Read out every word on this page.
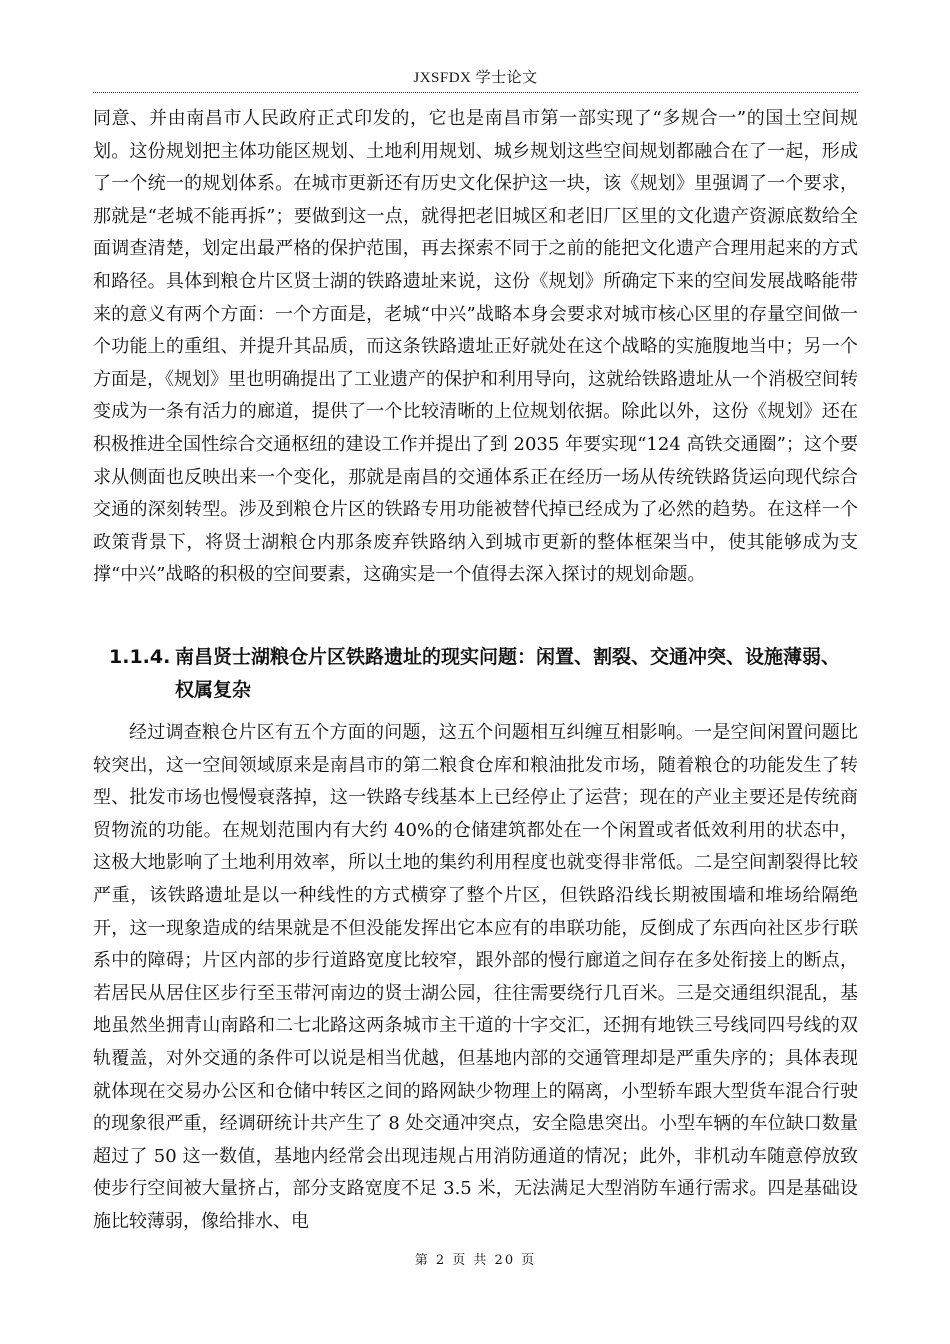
JXSFDX 学士论文

同意、并由南昌市人民政府正式印发的，它也是南昌市第一部实现了“多规合一”的国土空间规划。这份规划把主体功能区规划、土地利用规划、城乡规划这些空间规划都融合在了一起，形成了一个统一的规划体系。在城市更新还有历史文化保护这一块，该《规划》里强调了一个要求，那就是“老城不能再拆”；要做到这一点，就得把老旧城区和老旧厂区里的文化遗产资源底数给全面调查清楚，划定出最严格的保护范围，再去探索不同于之前的能把文化遗产合理用起来的方式和路径。具体到粮仓片区贤士湖的铁路遗址来说，这份《规划》所确定下来的空间发展战略能带来的意义有两个方面：一个方面是，老城“中兴”战略本身会要求对城市核心区里的存量空间做一个功能上的重组、并提升其品质，而这条铁路遗址正好就处在这个战略的实施腹地当中；另一个方面是，《规划》里也明确提出了工业遗产的保护和利用导向，这就给铁路遗址从一个消极空间转变成为一条有活力的廊道，提供了一个比较清晰的上位规划依据。除此以外，这份《规划》还在积极推进全国性综合交通枢纽的建设工作并提出了到 2035 年要实现“124 高铁交通圈”；这个要求从侧面也反映出来一个变化，那就是南昌的交通体系正在经历一场从传统铁路货运向现代综合交通的深刻转型。涉及到粮仓片区的铁路专用功能被替代掉已经成为了必然的趋势。在这样一个政策背景下，将贤士湖粮仓内那条废弃铁路纳入到城市更新的整体框架当中，使其能够成为支撑“中兴”战略的积极的空间要素，这确实是一个值得去深入探讨的规划命题。

1.1.4. 南昌贤士湖粮仓片区铁路遗址的现实问题：闲置、割裂、交通冲突、设施薄弱、权属复杂

经过调查粮仓片区有五个方面的问题，这五个问题相互纠缠互相影响。一是空间闲置问题比较突出，这一空间领域原来是南昌市的第二粮食仓库和粮油批发市场，随着粮仓的功能发生了转型、批发市场也慢慢衰落掉，这一铁路专线基本上已经停止了运营；现在的产业主要还是传统商贸物流的功能。在规划范围内有大约 40%的仓储建筑都处在一个闲置或者低效利用的状态中，这极大地影响了土地利用效率，所以土地的集约利用程度也就变得非常低。二是空间割裂得比较严重，该铁路遗址是以一种线性的方式横穿了整个片区，但铁路沿线长期被围墙和堆场给隔绝开，这一现象造成的结果就是不但没能发挥出它本应有的串联功能，反倒成了东西向社区步行联系中的障碍；片区内部的步行道路宽度比较窄，跟外部的慢行廊道之间存在多处衔接上的断点，若居民从居住区步行至玉带河南边的贤士湖公园，往往需要绕行几百米。三是交通组织混乱，基地虽然坐拥青山南路和二七北路这两条城市主干道的十字交汇，还拥有地铁三号线同四号线的双轨覆盖，对外交通的条件可以说是相当优越，但基地内部的交通管理却是严重失序的；具体表现就体现在交易办公区和仓储中转区之间的路网缺少物理上的隔离，小型轿车跟大型货车混合行驶的现象很严重，经调研统计共产生了 8 处交通冲突点，安全隐患突出。小型车辆的车位缺口数量超过了 50 这一数值，基地内经常会出现违规占用消防通道的情况；此外，非机动车随意停放致使步行空间被大量挤占，部分支路宽度不足 3.5 米，无法满足大型消防车通行需求。四是基础设施比较薄弱，像给排水、电

第 2 页 共 20 页
